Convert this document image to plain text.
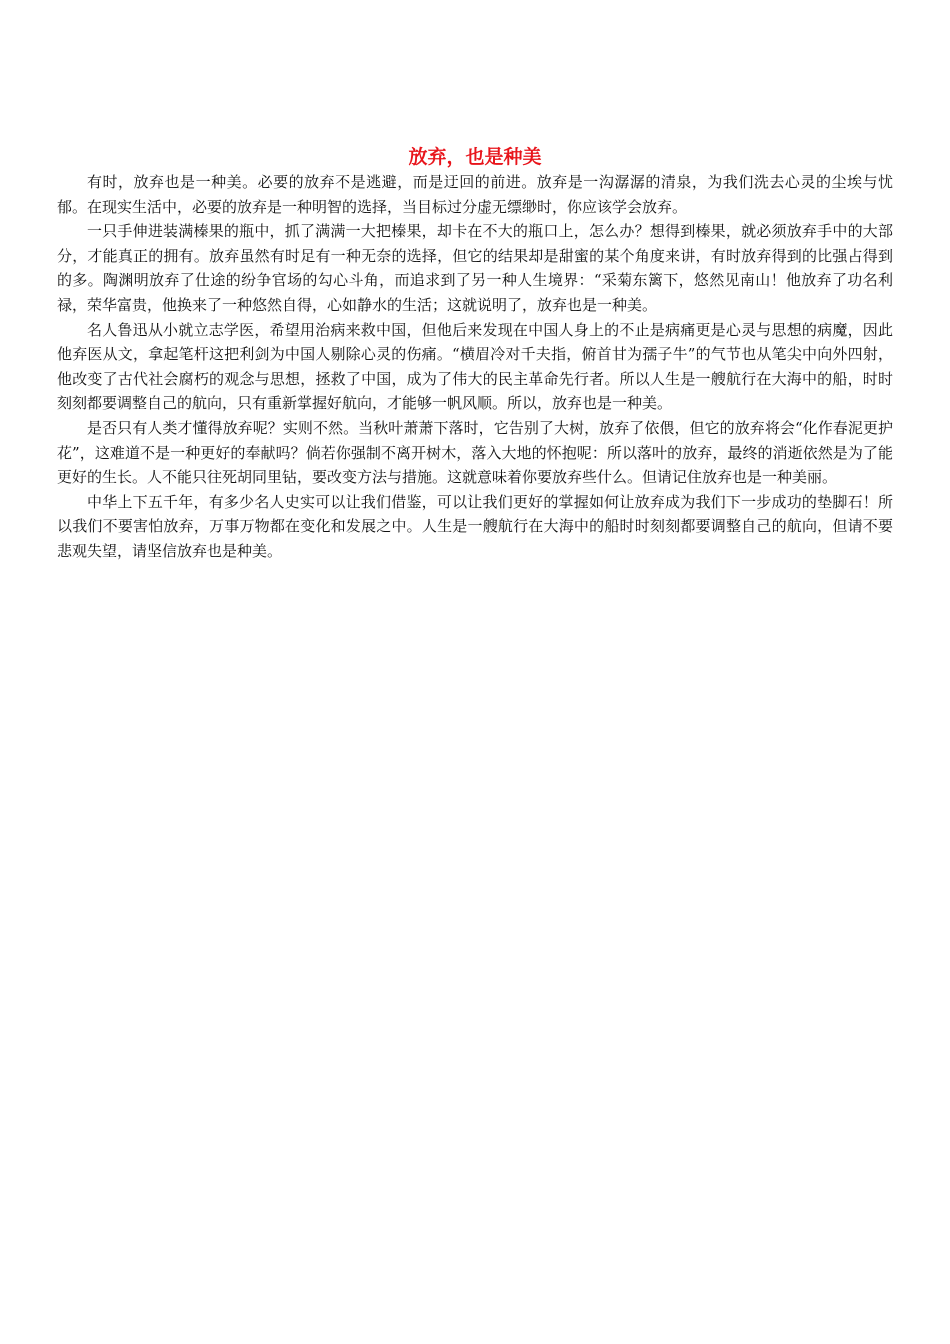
放弃，也是种美

有时，放弃也是一种美。必要的放弃不是逃避，而是迂回的前进。放弃是一沟潺潺的清泉，为我们洗去心灵的尘埃与忧郁。在现实生活中，必要的放弃是一种明智的选择，当目标过分虚无缥缈时，你应该学会放弃。

一只手伸进装满榛果的瓶中，抓了满满一大把榛果，却卡在不大的瓶口上，怎么办？想得到榛果，就必须放弃手中的大部分，才能真正的拥有。放弃虽然有时足有一种无奈的选择，但它的结果却是甜蜜的某个角度来讲，有时放弃得到的比强占得到的多。陶渊明放弃了仕途的纷争官场的勾心斗角，而追求到了另一种人生境界：“采菊东篱下，悠然见南山！他放弃了功名利禄，荣华富贵，他换来了一种悠然自得，心如静水的生活；这就说明了，放弃也是一种美。

名人鲁迅从小就立志学医，希望用治病来救中国，但他后来发现在中国人身上的不止是病痛更是心灵与思想的病魔，因此他弃医从文，拿起笔杆这把利剑为中国人剔除心灵的伤痛。“横眉冷对千夫指，俯首甘为孺子牛”的气节也从笔尖中向外四射，他改变了古代社会腐朽的观念与思想，拯救了中国，成为了伟大的民主革命先行者。所以人生是一艘航行在大海中的船，时时刻刻都要调整自己的航向，只有重新掌握好航向，才能够一帆风顺。所以，放弃也是一种美。

是否只有人类才懂得放弃呢？实则不然。当秋叶萧萧下落时，它告别了大树，放弃了依偎，但它的放弃将会“化作春泥更护花”，这难道不是一种更好的奉献吗？倘若你强制不离开树木，落入大地的怀抱呢：所以落叶的放弃，最终的消逝依然是为了能更好的生长。人不能只往死胡同里钻，要改变方法与措施。这就意味着你要放弃些什么。但请记住放弃也是一种美丽。

中华上下五千年，有多少名人史实可以让我们借鉴，可以让我们更好的掌握如何让放弃成为我们下一步成功的垫脚石！所以我们不要害怕放弃，万事万物都在变化和发展之中。人生是一艘航行在大海中的船时时刻刻都要调整自己的航向，但请不要悲观失望，请坚信放弃也是种美。
